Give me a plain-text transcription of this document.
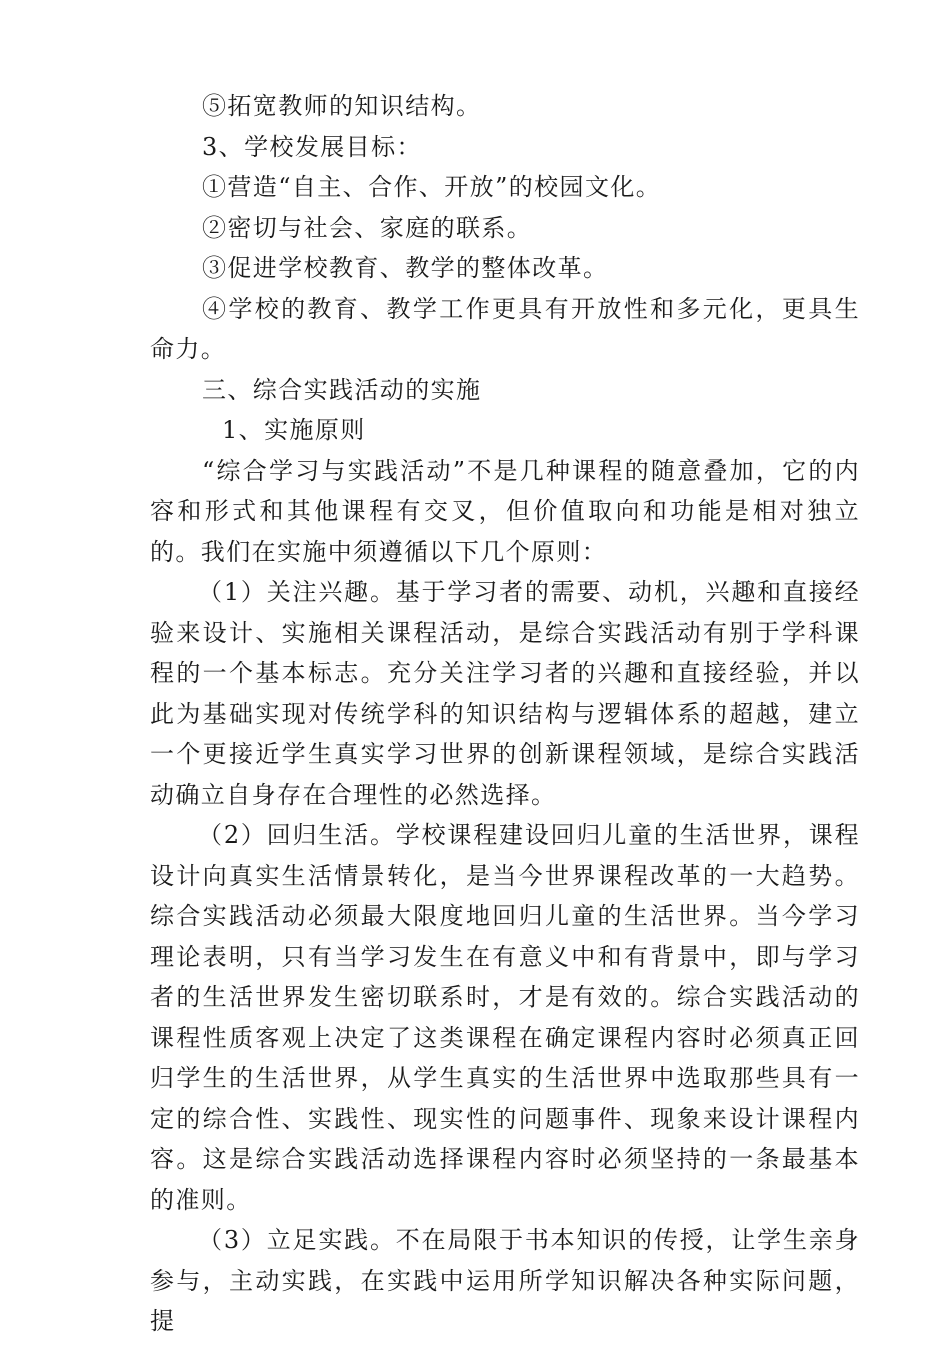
⑤拓宽教师的知识结构。

3、学校发展目标：

①营造“自主、合作、开放”的校园文化。

②密切与社会、家庭的联系。

③促进学校教育、教学的整体改革。

④学校的教育、教学工作更具有开放性和多元化，更具生命力。

三、综合实践活动的实施

1、实施原则

“综合学习与实践活动”不是几种课程的随意叠加，它的内容和形式和其他课程有交叉，但价值取向和功能是相对独立的。我们在实施中须遵循以下几个原则：

（1）关注兴趣。基于学习者的需要、动机，兴趣和直接经验来设计、实施相关课程活动，是综合实践活动有别于学科课程的一个基本标志。充分关注学习者的兴趣和直接经验，并以此为基础实现对传统学科的知识结构与逻辑体系的超越，建立一个更接近学生真实学习世界的创新课程领域，是综合实践活动确立自身存在合理性的必然选择。

（2）回归生活。学校课程建设回归儿童的生活世界，课程设计向真实生活情景转化，是当今世界课程改革的一大趋势。综合实践活动必须最大限度地回归儿童的生活世界。当今学习理论表明，只有当学习发生在有意义中和有背景中，即与学习者的生活世界发生密切联系时，才是有效的。综合实践活动的课程性质客观上决定了这类课程在确定课程内容时必须真正回归学生的生活世界，从学生真实的生活世界中选取那些具有一定的综合性、实践性、现实性的问题事件、现象来设计课程内容。这是综合实践活动选择课程内容时必须坚持的一条最基本的准则。

（3）立足实践。不在局限于书本知识的传授，让学生亲身参与，主动实践，在实践中运用所学知识解决各种实际问题，提
